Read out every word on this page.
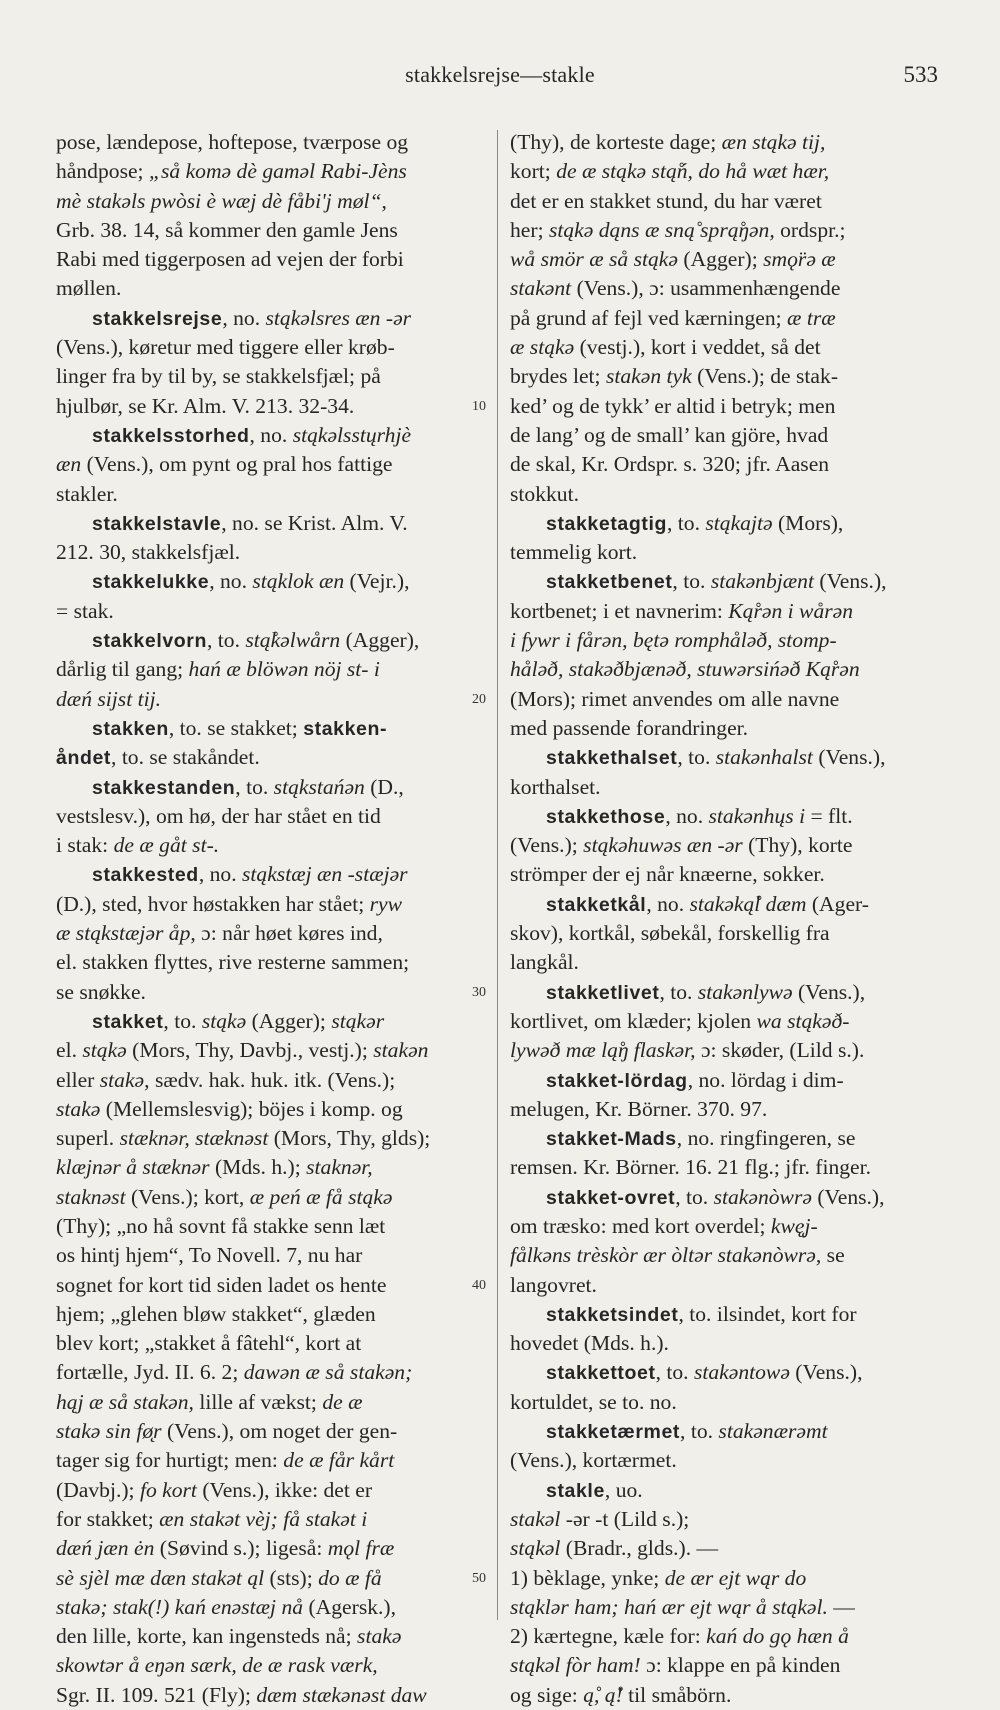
stakkelsrejse—stakle	533
pose, lændepose, hoftepose, tværpose og
håndpose; „så komə dè gaməl Rabi-Jèns
mè stakəls pwòsi è wæj dè fåbi'j møl“,
Grb. 38. 14, så kommer den gamle Jens
Rabi med tiggerposen ad vejen der forbi
møllen.
stakkelsrejse, no. stąkəlsres æn -ər
(Vens.), køretur med tiggere eller krøb-
linger fra by til by, se stakkelsfjæl; på
hjulbør, se Kr. Alm. V. 213. 32-34.
stakkelsstorhed, no. stąkəlsstųrhjè
æn (Vens.), om pynt og pral hos fattige
stakler.
stakkelstavle, no. se Krist. Alm. V.
212. 30, stakkelsfjæl.
stakkelukke, no. stąklok æn (Vejr.),
= stak.
stakkelvorn, to. stą̊kəlwårn (Agger),
dårlig til gang; hań æ blöwən nöj st- i
dæń sijst tij.
stakken, to. se stakket; stakken-
åndet, to. se stakåndet.
stakkestanden, to. stąkstańən (D.,
vestslesv.), om hø, der har stået en tid
i stak: de æ gåt st-.
stakkested, no. stąkstæj æn -stæjər
(D.), sted, hvor høstakken har stået; ryw
æ stąkstæjər åp, ɔ: når høet køres ind,
el. stakken flyttes, rive resterne sammen;
se snøkke.
stakket, to. stąkə (Agger); stąkər
el. stąkə (Mors, Thy, Davbj., vestj.); stakən
eller stakə, sædv. hak. huk. itk. (Vens.);
stakə (Mellemslesvig); böjes i komp. og
superl. stæknər, stæknəst (Mors, Thy, glds);
klæjnər å stæknər (Mds. h.); staknər,
staknəst (Vens.); kort, æ peń æ få stąkə
(Thy); „no hå sovnt få stakke senn læt
os hintj hjem“, To Novell. 7, nu har
sognet for kort tid siden ladet os hente
hjem; „glehen bløw stakket“, glæden
blev kort; „stakket å fâtehl“, kort at
fortælle, Jyd. II. 6. 2; dawən æ så stakən;
hąj æ så stakən, lille af vækst; de æ
stakə sin fø̨r (Vens.), om noget der gen-
tager sig for hurtigt; men: de æ får kårt
(Davbj.); fo kort (Vens.), ikke: det er
for stakket; æn stakət vèj; få stakət i
dæń jæn ėn (Søvind s.); ligeså: mǫl fræ
sè sjèl mæ dæn stakət ąl (sts); do æ få
stakə; stak(!) kań enəstæj nå (Agersk.),
den lille, korte, kan ingensteds nå; stakə
skowtər å eŋən særk, de æ rask værk,
Sgr. II. 109. 521 (Fly); dæm stækənəst daw
(Thy), de korteste dage; æn stąkə tij,
kort; de æ stąkə stą̊ń, do hå wæt hær,
det er en stakket stund, du har været
her; stąkə dąns æ sną̊ sprą̊ŋən, ordspr.;
wå smör æ så stąkə (Agger); smǫ̈rə æ
stakənt (Vens.), ɔ: usammenhængende
på grund af fejl ved kærningen; æ træ
æ stąkə (vestj.), kort i veddet, så det
brydes let; stakən tyk (Vens.); de stak-
ked’ og de tykk’ er altid i betryk; men
de lang’ og de small’ kan gjöre, hvad
de skal, Kr. Ordspr. s. 320; jfr. Aasen
stokkut.
stakketagtig, to. stąkajtə (Mors),
temmelig kort.
stakketbenet, to. stakənbjænt (Vens.),
kortbenet; i et navnerim: Ką̊rən i wårən
i fywr i fårən, bętə romphåləð, stomp-
håləð, stakəðbjænəð, stuwərsińəð Ką̊rən
(Mors); rimet anvendes om alle navne
med passende forandringer.
stakkethalset, to. stakənhalst (Vens.),
korthalset.
stakkethose, no. stakənhųs i = flt.
(Vens.); stąkəhuwəs æn -ər (Thy), korte
strömper der ej når knæerne, sokker.
stakketkål, no. stakəką̊l dæm (Ager-
skov), kortkål, søbekål, forskellig fra
langkål.
stakketlivet, to. stakənlywə (Vens.),
kortlivet, om klæder; kjolen wa stąkəð-
lywəð mæ lą̊ŋ flaskər, ɔ: skøder, (Lild s.).
stakket-lördag, no. lördag i dim-
melugen, Kr. Börner. 370. 97.
stakket-Mads, no. ringfingeren, se
remsen. Kr. Börner. 16. 21 flg.; jfr. finger.
stakket-ovret, to. stakənòwrə (Vens.),
om træsko: med kort overdel; kwę̨j-
fålkəns trèskòr ær òltər stakənòwrə, se
langovret.
stakketsindet, to. ilsindet, kort for
hovedet (Mds. h.).
stakkettoet, to. stakəntowə (Vens.),
kortuldet, se to. no.
stakketærmet, to. stakənærəmt
(Vens.), kortærmet.
stakle, uo.
stakəl -ər -t (Lild s.);
stąkəl (Bradr., glds.). —
1) bèklage, ynke; de ær ejt wąr do
stąklər ham; hań ær ejt wąr å stąkəl. —
2) kærtegne, kæle for: kań do gǫ hæn å
stąkəl fòr ham! ɔ: klappe en på kinden
og sige: ą̊, ą̊! til småbörn.
10
20
30
40
50
